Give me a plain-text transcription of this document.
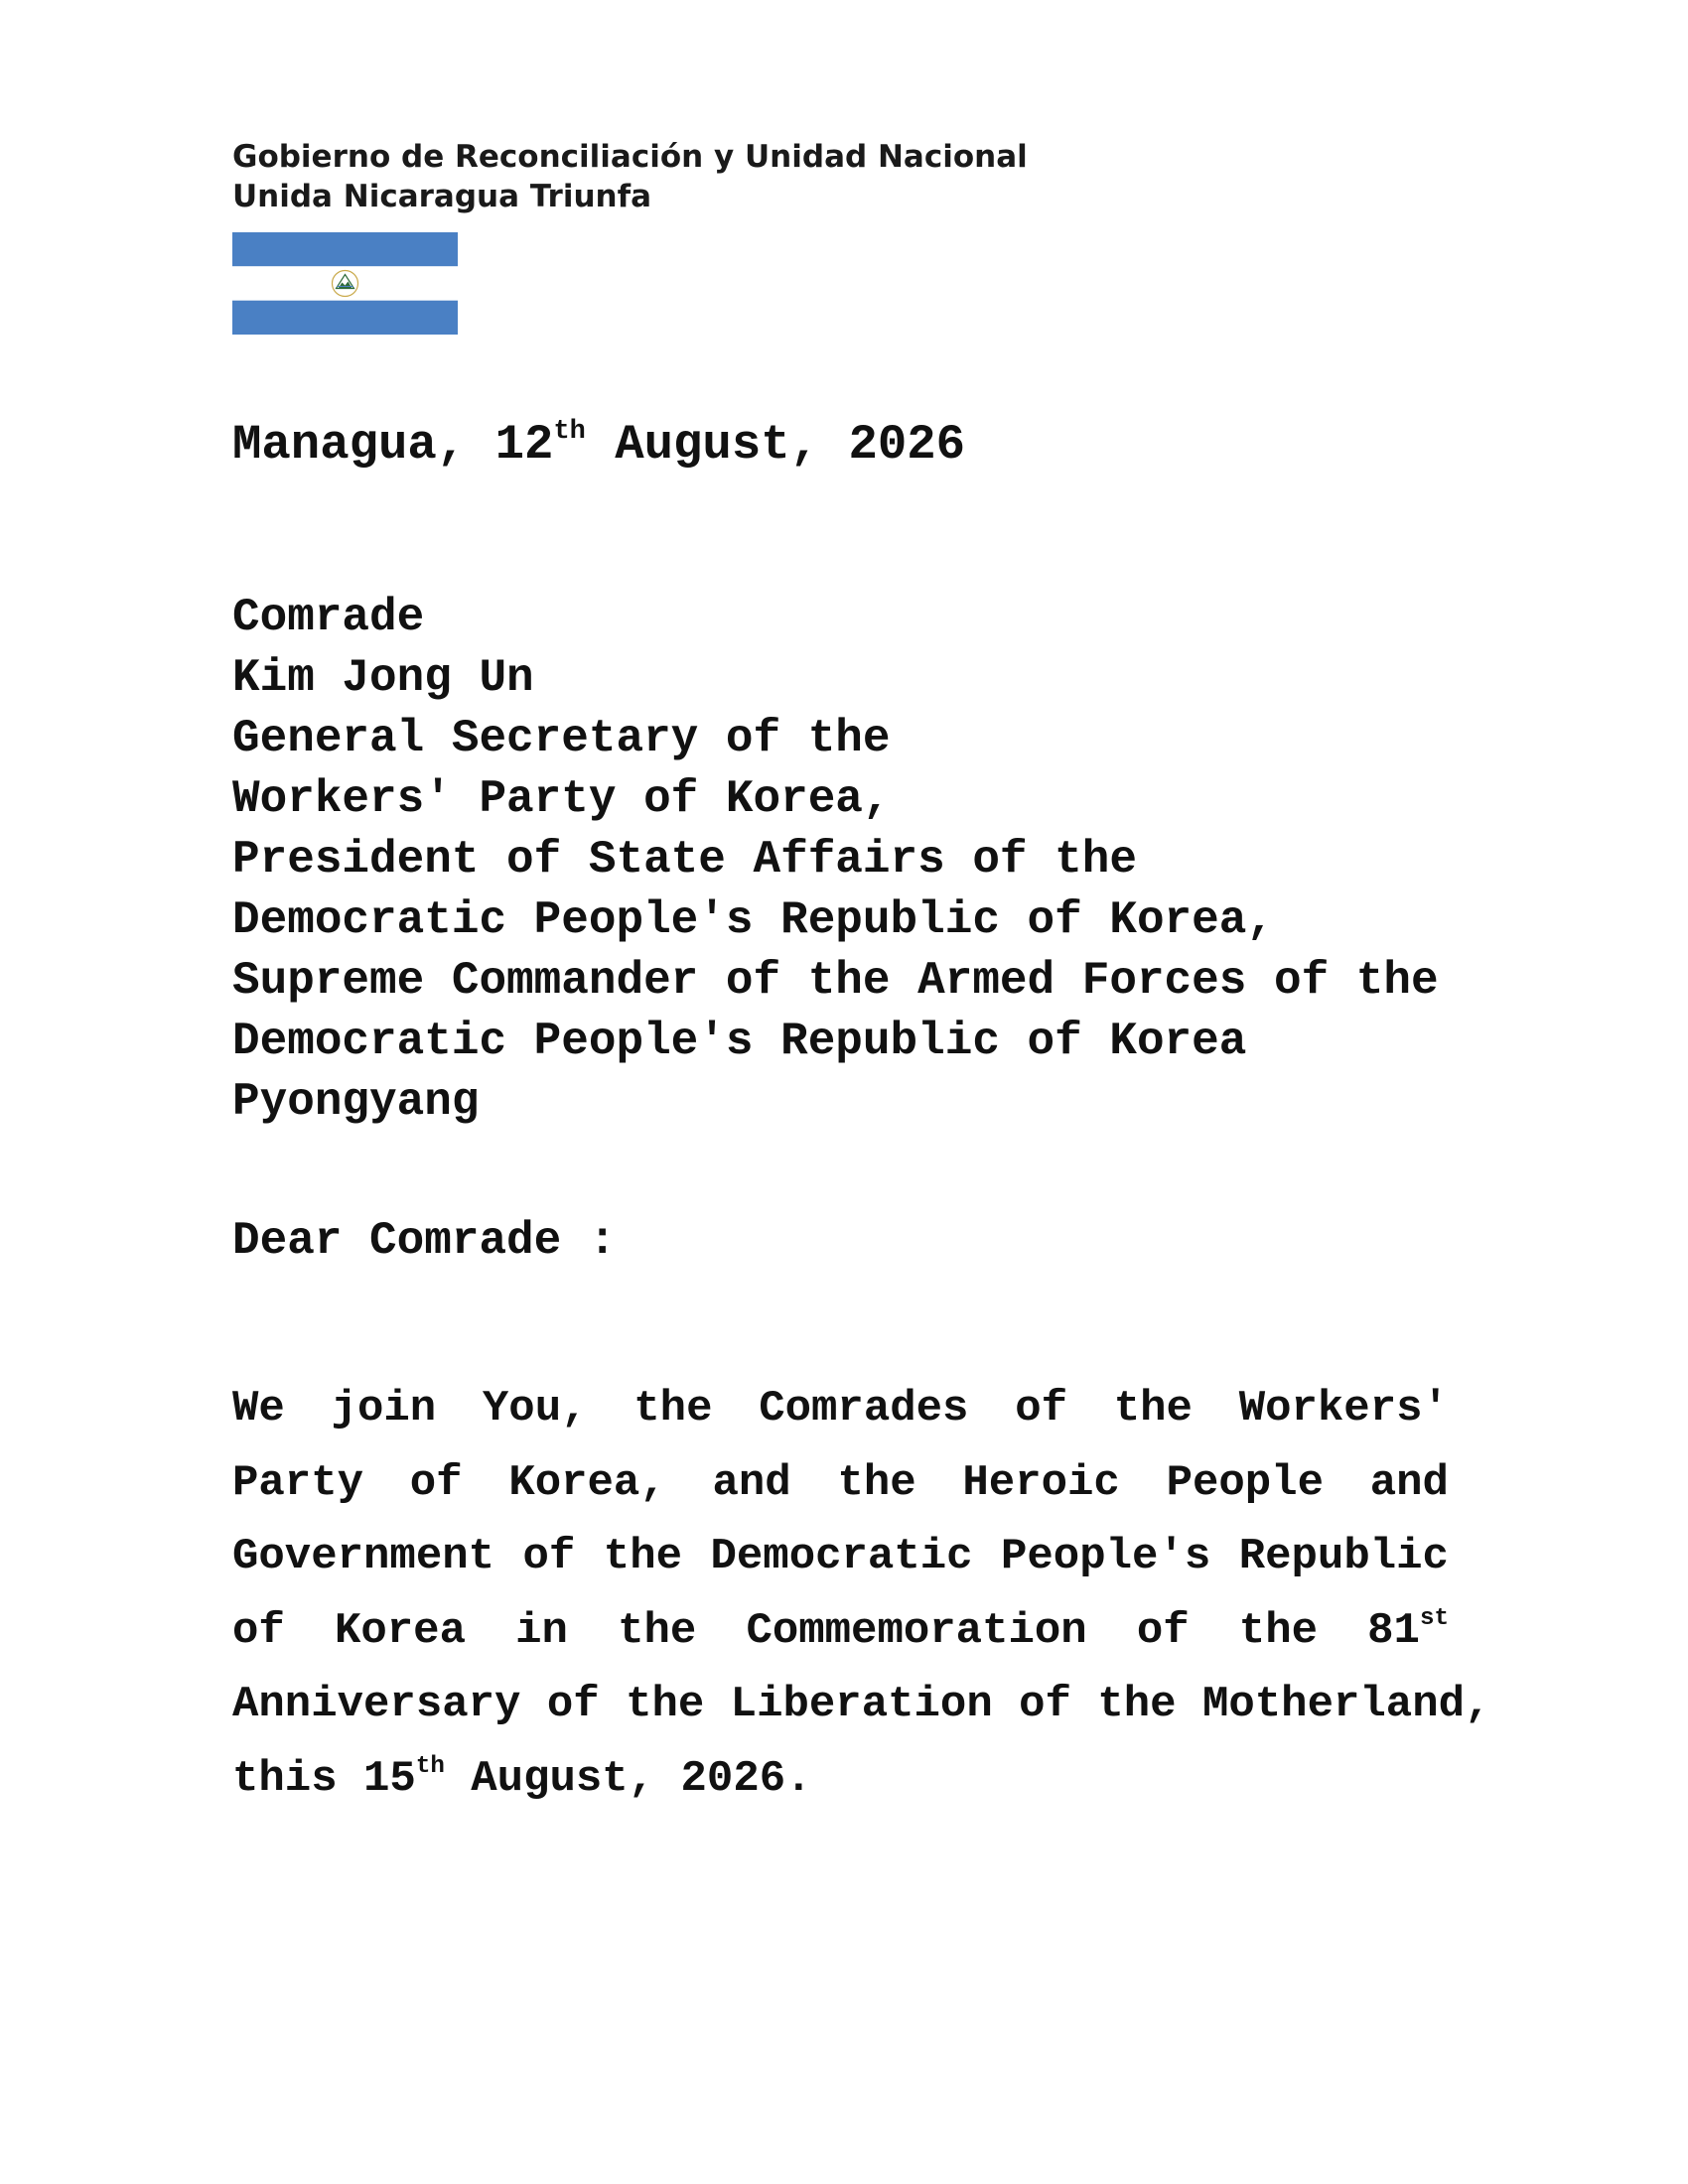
Gobierno de Reconciliación y Unidad Nacional
Unida Nicaragua Triunfa
Managua, 12th August, 2026
Comrade
Kim Jong Un
General Secretary of the
Workers' Party of Korea,
President of State Affairs of the
Democratic People's Republic of Korea,
Supreme Commander of the Armed Forces of the
Democratic People's Republic of Korea
Pyongyang
Dear Comrade :
We join You, the Comrades of the Workers'
Party of Korea, and the Heroic People and
Government of the Democratic People's Republic
of Korea in the Commemoration of the 81st
Anniversary of the Liberation of the Motherland,
this 15th August, 2026.
